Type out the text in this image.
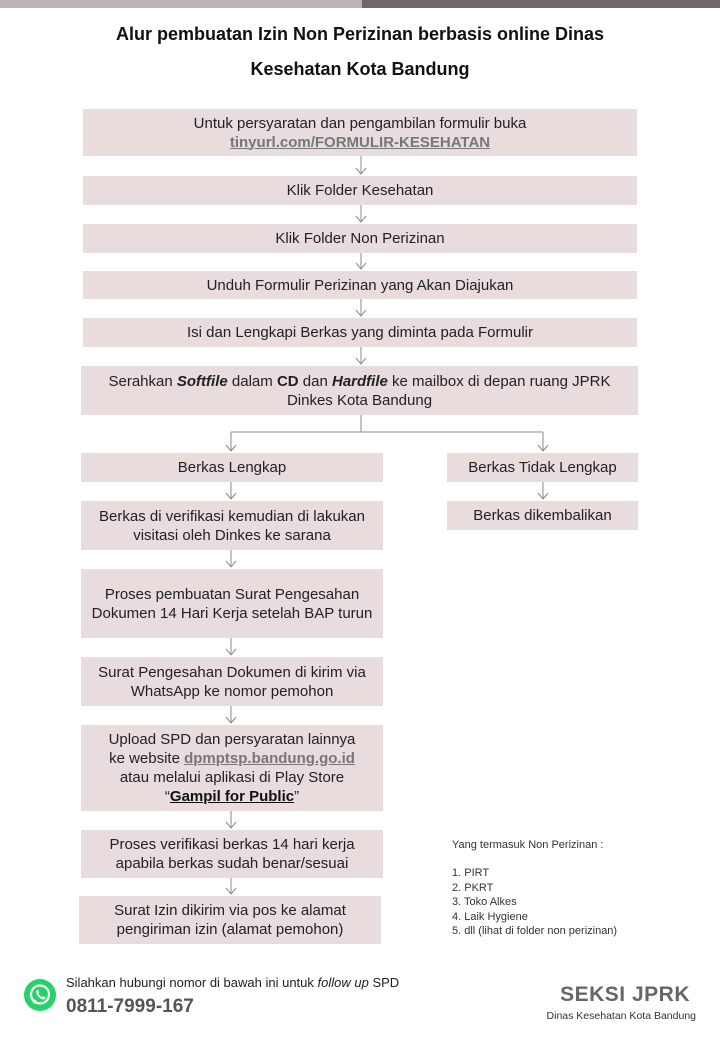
Alur pembuatan Izin Non Perizinan berbasis online Dinas
Kesehatan Kota Bandung
Untuk persyaratan dan pengambilan formulir buka
tinyurl.com/FORMULIR-KESEHATAN
Klik Folder Kesehatan
Klik Folder Non Perizinan
Unduh Formulir Perizinan yang Akan Diajukan
Isi dan Lengkapi Berkas yang diminta pada Formulir
Serahkan Softfile dalam CD dan Hardfile ke mailbox di depan ruang JPRK Dinkes Kota Bandung
Berkas Tidak Lengkap
Berkas dikembalikan
Berkas Lengkap
Berkas di verifikasi kemudian di lakukan visitasi oleh Dinkes ke sarana
Proses pembuatan Surat Pengesahan Dokumen 14 Hari Kerja setelah BAP turun
Surat Pengesahan Dokumen di kirim via WhatsApp ke nomor pemohon
Upload SPD dan persyaratan lainnya
ke website dpmptsp.bandung.go.id
atau melalui aplikasi di Play Store
“Gampil for Public”
Proses verifikasi berkas 14 hari kerja apabila berkas sudah benar/sesuai
Surat Izin dikirim via pos ke alamat pengiriman izin (alamat pemohon)
Yang termasuk Non Perizinan :
1. PIRT
2. PKRT
3. Toko Alkes
4. Laik Hygiene
5. dll (lihat di folder non perizinan)
Silahkan hubungi nomor di bawah ini untuk follow up SPD
0811-7999-167
SEKSI JPRK
Dinas Kesehatan Kota Bandung
